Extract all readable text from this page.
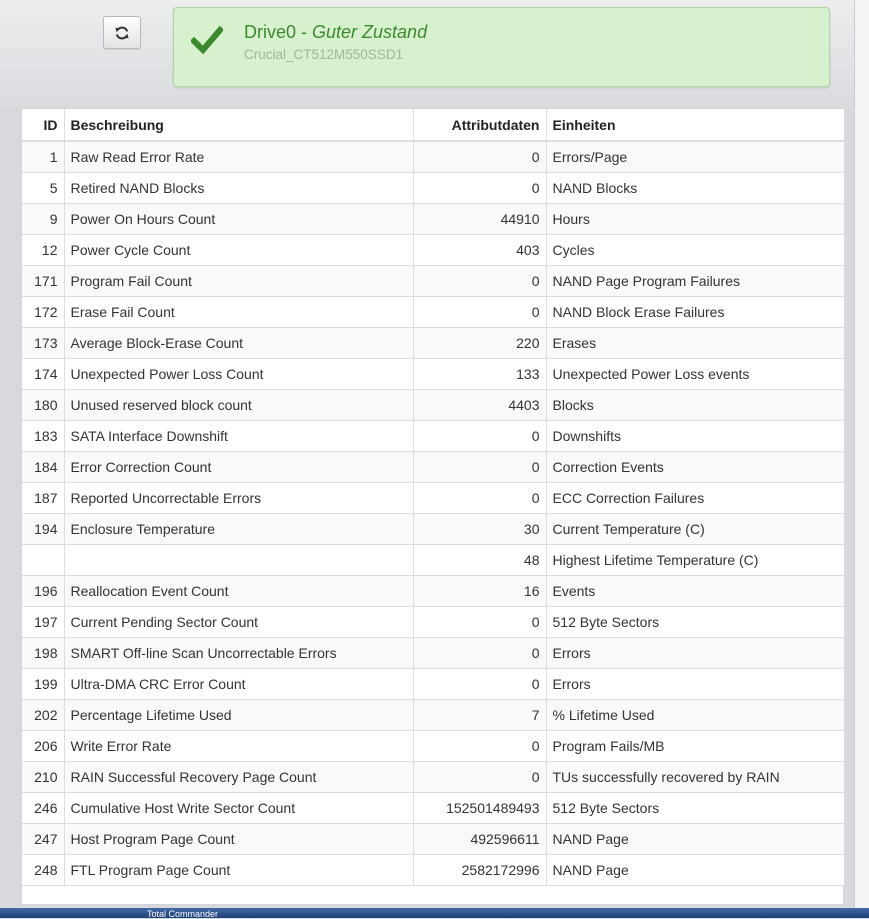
Drive0 - Guter Zustand
Crucial_CT512M550SSD1
ID	Beschreibung	Attributdaten	Einheiten
1	Raw Read Error Rate	0	Errors/Page
5	Retired NAND Blocks	0	NAND Blocks
9	Power On Hours Count	44910	Hours
12	Power Cycle Count	403	Cycles
171	Program Fail Count	0	NAND Page Program Failures
172	Erase Fail Count	0	NAND Block Erase Failures
173	Average Block-Erase Count	220	Erases
174	Unexpected Power Loss Count	133	Unexpected Power Loss events
180	Unused reserved block count	4403	Blocks
183	SATA Interface Downshift	0	Downshifts
184	Error Correction Count	0	Correction Events
187	Reported Uncorrectable Errors	0	ECC Correction Failures
194	Enclosure Temperature	30	Current Temperature (C)
		48	Highest Lifetime Temperature (C)
196	Reallocation Event Count	16	Events
197	Current Pending Sector Count	0	512 Byte Sectors
198	SMART Off-line Scan Uncorrectable Errors	0	Errors
199	Ultra-DMA CRC Error Count	0	Errors
202	Percentage Lifetime Used	7	% Lifetime Used
206	Write Error Rate	0	Program Fails/MB
210	RAIN Successful Recovery Page Count	0	TUs successfully recovered by RAIN
246	Cumulative Host Write Sector Count	152501489493	512 Byte Sectors
247	Host Program Page Count	492596611	NAND Page
248	FTL Program Page Count	2582172996	NAND Page
Total Commander
